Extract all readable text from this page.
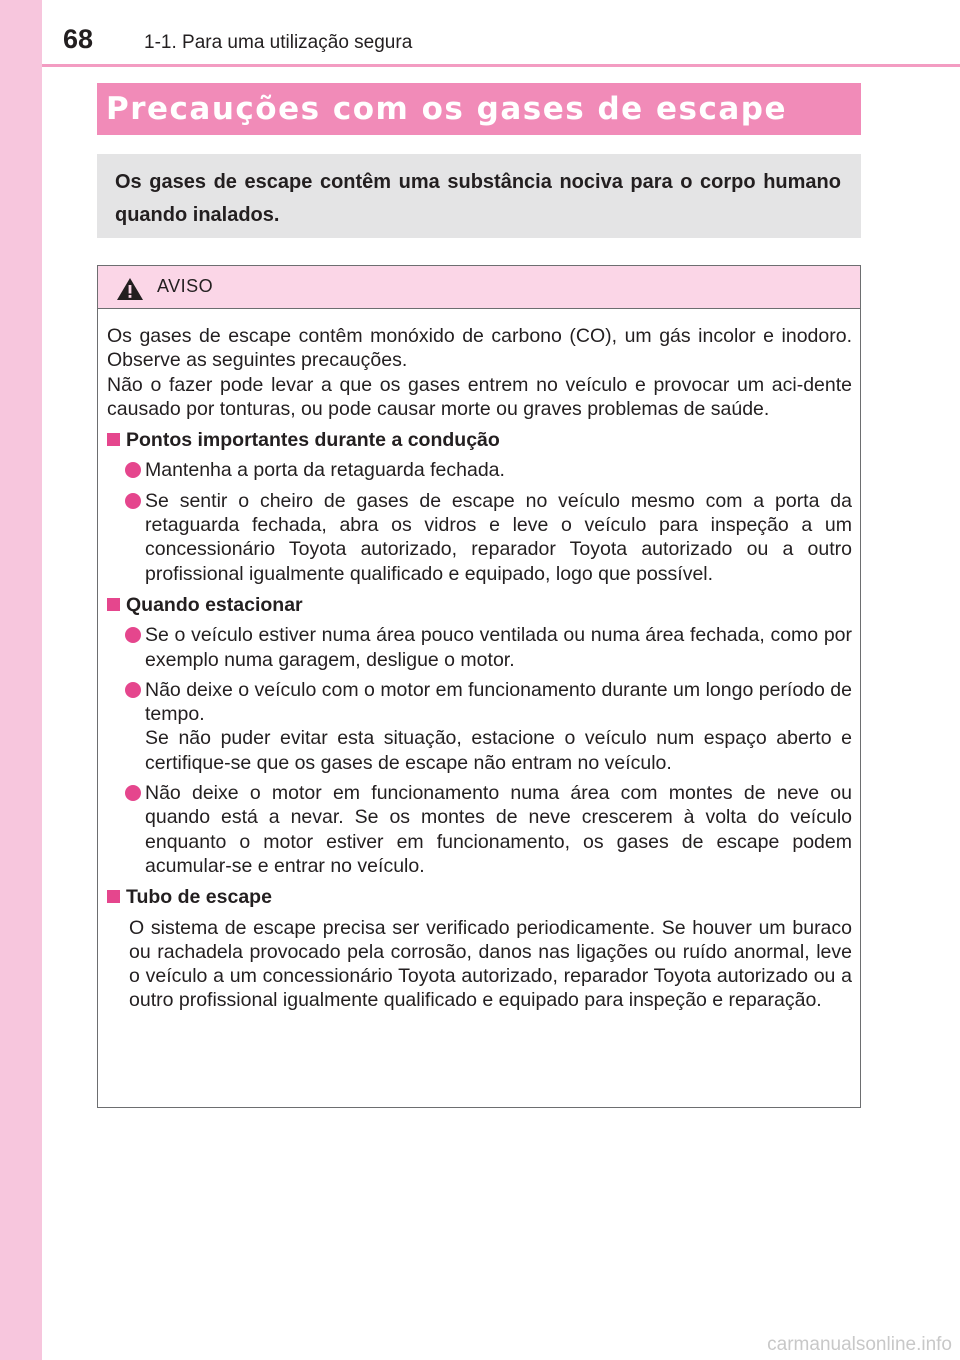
68	1-1. Para uma utilização segura
Precauções com os gases de escape

Os gases de escape contêm uma substância nociva para o corpo humano quando inalados.

AVISO

Os gases de escape contêm monóxido de carbono (CO), um gás incolor e inodoro. Observe as seguintes precauções.

Não o fazer pode levar a que os gases entrem no veículo e provocar um aci-dente causado por tonturas, ou pode causar morte ou graves problemas de saúde.

Pontos importantes durante a condução

Mantenha a porta da retaguarda fechada.

Se sentir o cheiro de gases de escape no veículo mesmo com a porta da retaguarda fechada, abra os vidros e leve o veículo para inspeção a um concessionário Toyota autorizado, reparador Toyota autorizado ou a outro profissional igualmente qualificado e equipado, logo que possível.

Quando estacionar

Se o veículo estiver numa área pouco ventilada ou numa área fechada, como por exemplo numa garagem, desligue o motor.

Não deixe o veículo com o motor em funcionamento durante um longo período de tempo.

Se não puder evitar esta situação, estacione o veículo num espaço aberto e certifique-se que os gases de escape não entram no veículo.

Não deixe o motor em funcionamento numa área com montes de neve ou quando está a nevar. Se os montes de neve crescerem à volta do veículo enquanto o motor estiver em funcionamento, os gases de escape podem acumular-se e entrar no veículo.

Tubo de escape

O sistema de escape precisa ser verificado periodicamente. Se houver um buraco ou rachadela provocado pela corrosão, danos nas ligações ou ruído anormal, leve o veículo a um concessionário Toyota autorizado, reparador Toyota autorizado ou a outro profissional igualmente qualificado e equipado para inspeção e reparação.

carmanualsonline.info
